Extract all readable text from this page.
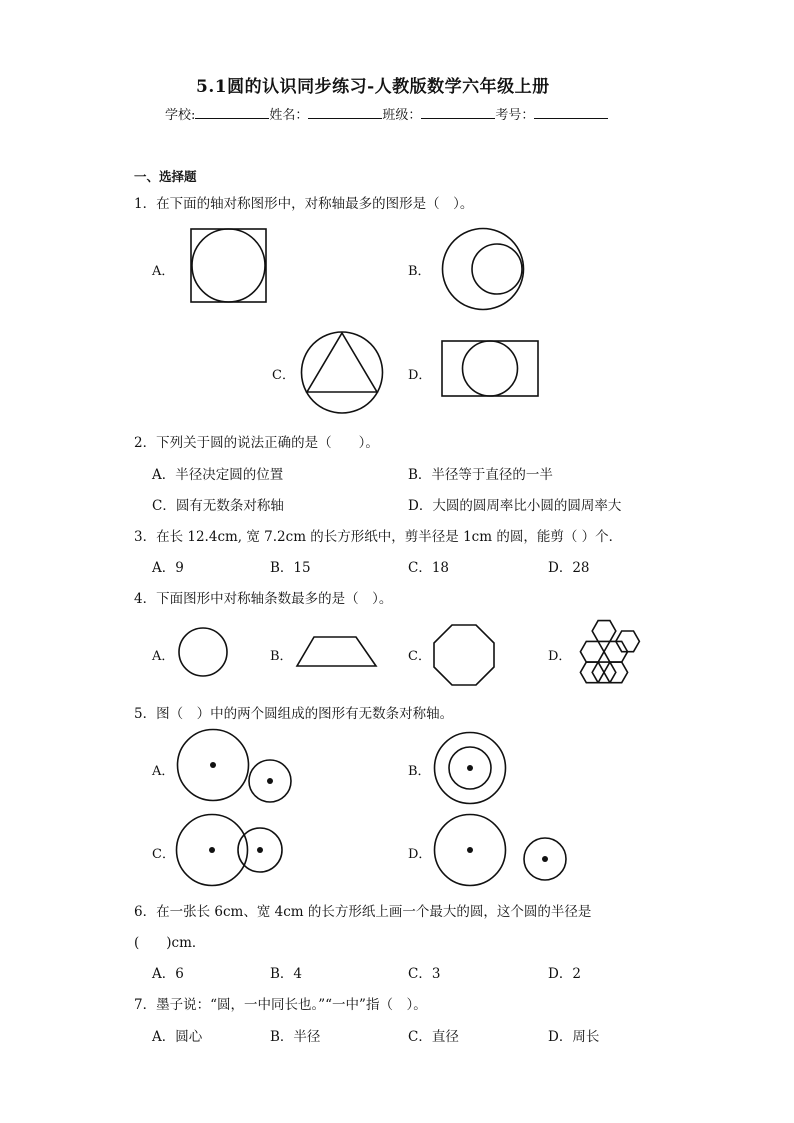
5.1圆的认识同步练习-人教版数学六年级上册
学校:	姓名：	班级：	考号：
一、选择题
1．在下面的轴对称图形中，对称轴最多的图形是（　）。
A．	B．
C．	D．
2．下列关于圆的说法正确的是（　　）。
A．半径决定圆的位置	B．半径等于直径的一半
C．圆有无数条对称轴	D．大圆的圆周率比小圆的圆周率大
3．在长 12.4cm, 宽 7.2cm 的长方形纸中，剪半径是 1cm 的圆，能剪（ ）个．
A．9	B．15	C．18	D．28
4．下面图形中对称轴条数最多的是（　）。
A．	B．	C．	D．
5．图（　）中的两个圆组成的图形有无数条对称轴。
A．	B．
C．	D．
6．在一张长 6cm、宽 4cm 的长方形纸上画一个最大的圆，这个圆的半径是
(　　)cm．
A．6	B．4	C．3	D．2
7．墨子说：“圆，一中同长也。”“一中”指（　）。
A．圆心	B．半径	C．直径	D．周长
